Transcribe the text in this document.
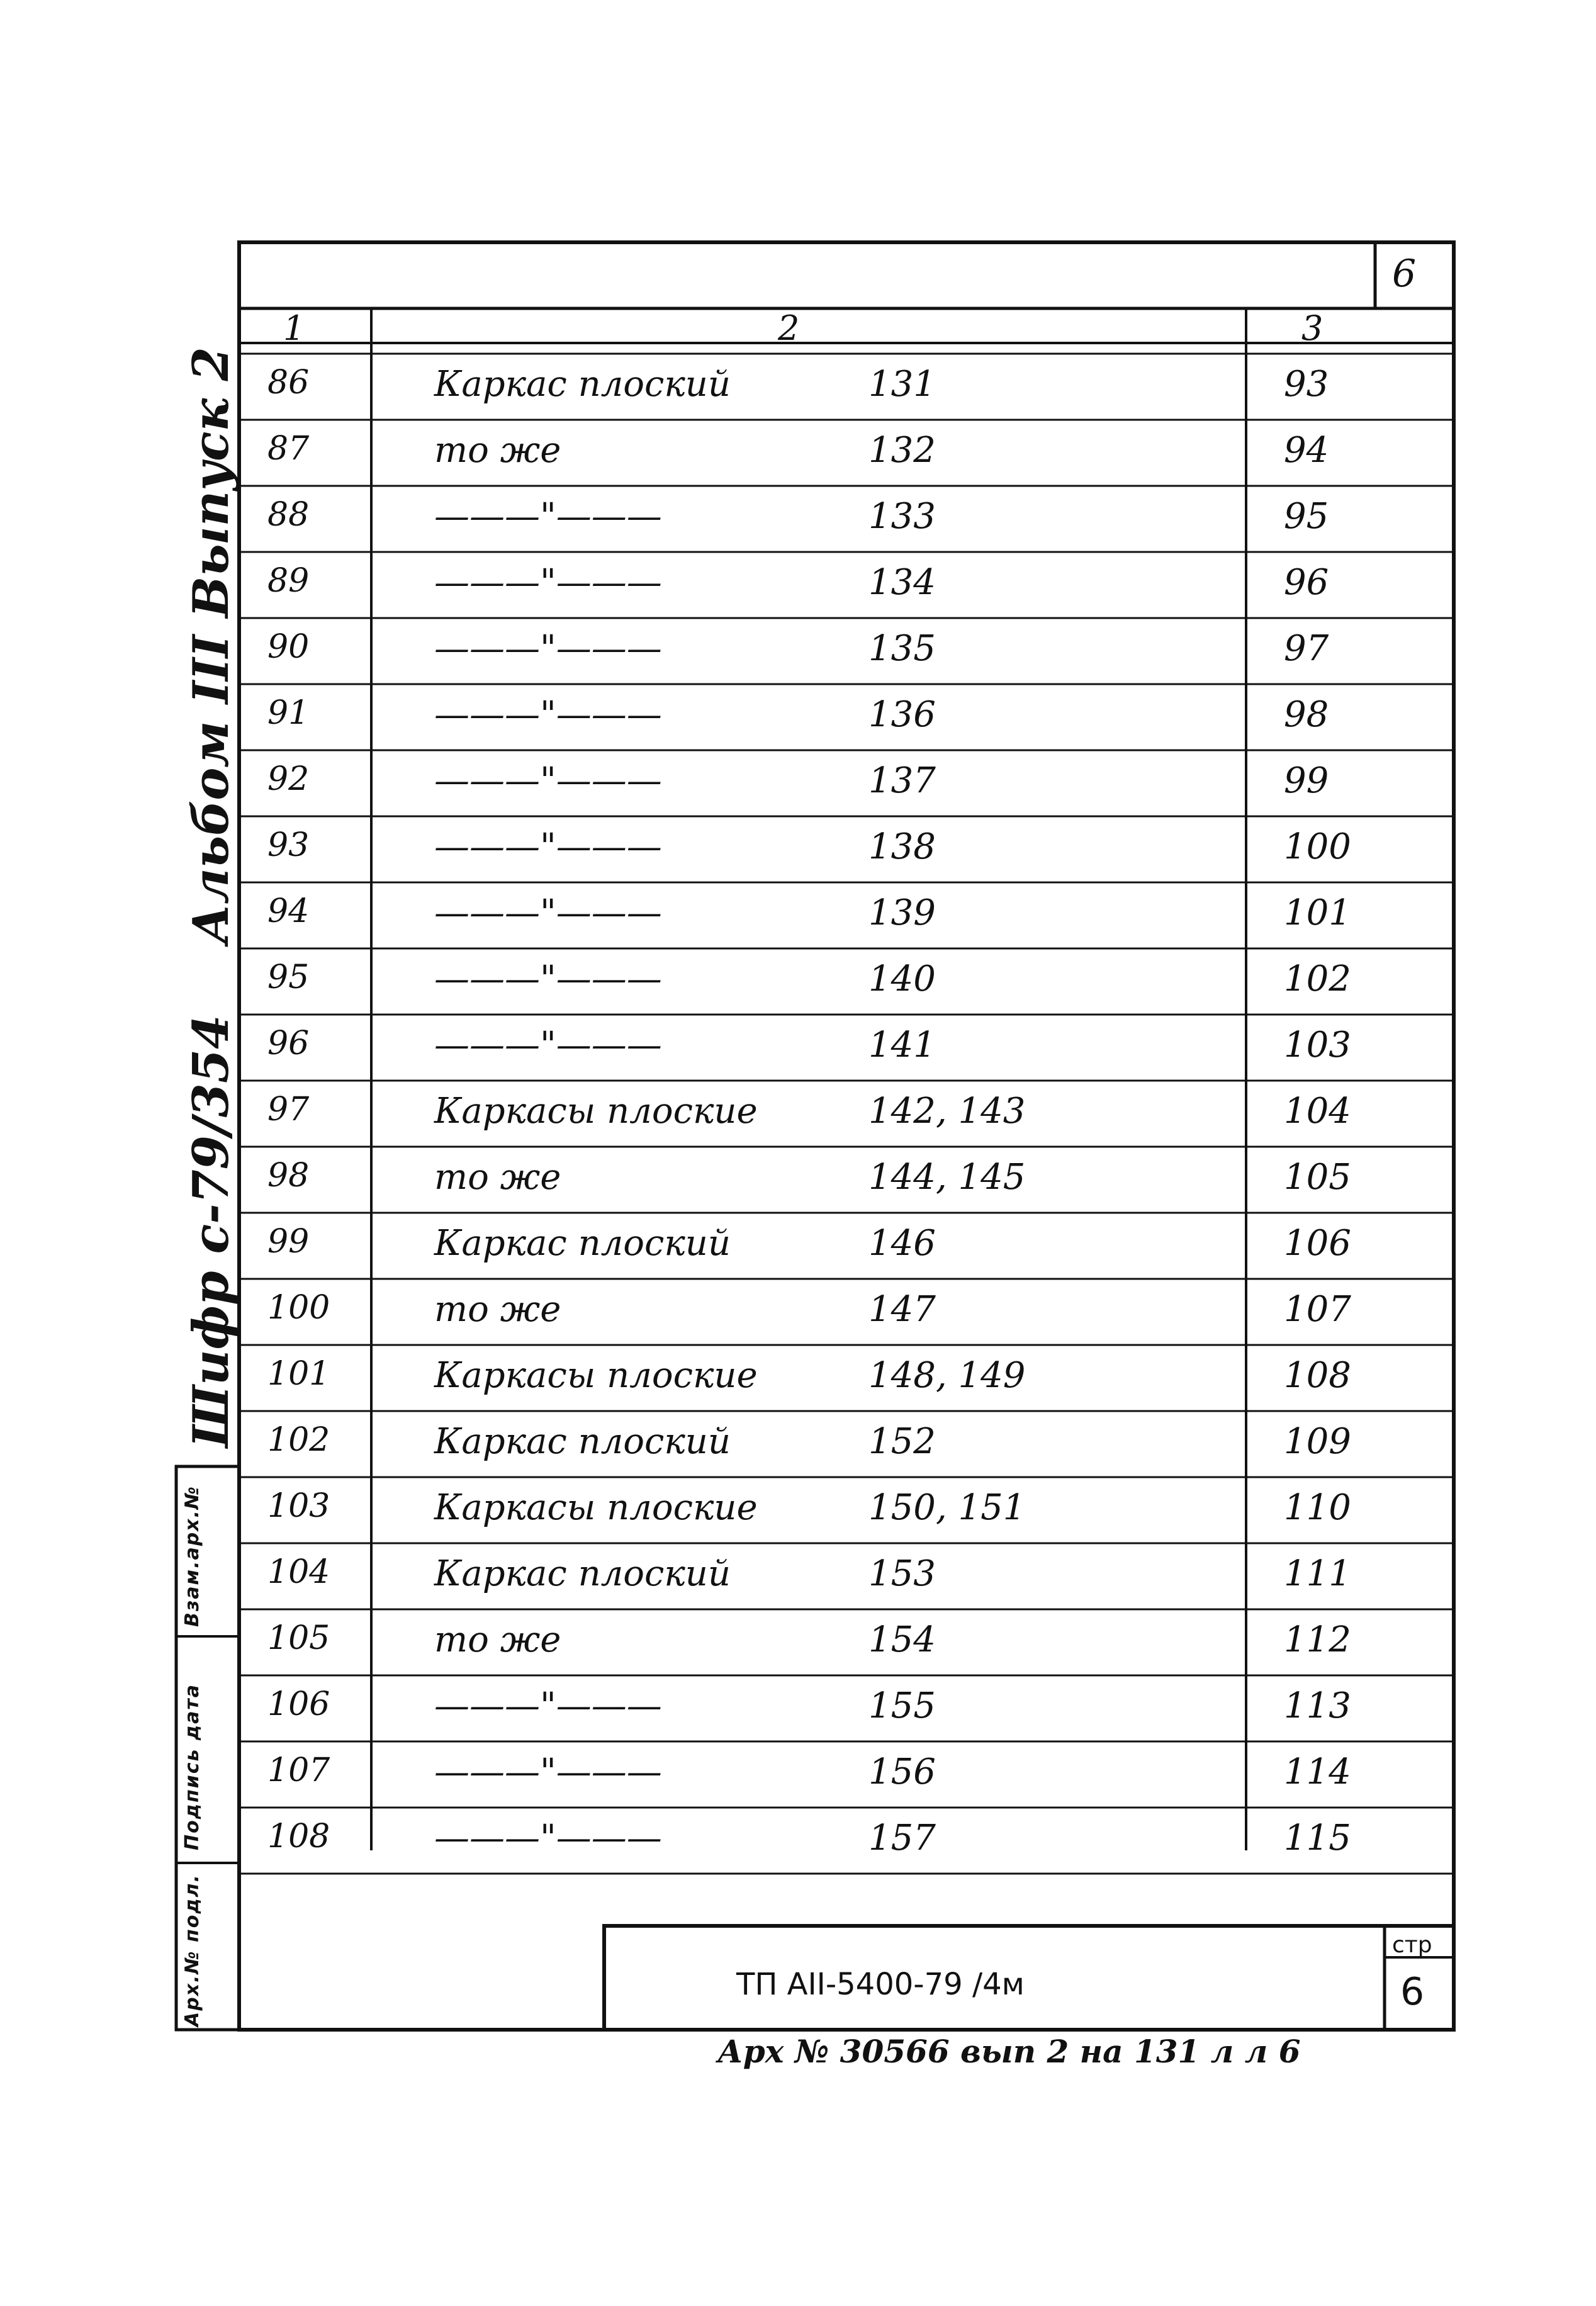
6
1	2	3
86	Каркас плоский	131	93
87	то же	132	94
88	———"———	133	95
89	———"———	134	96
90	———"———	135	97
91	———"———	136	98
92	———"———	137	99
93	———"———	138	100
94	———"———	139	101
95	———"———	140	102
96	———"———	141	103
97	Каркасы плоские	142, 143	104
98	то же	144, 145	105
99	Каркас плоский	146	106
100	то же	147	107
101	Каркасы плоские	148, 149	108
102	Каркас плоский	152	109
103	Каркасы плоские	150, 151	110
104	Каркас плоский	153	111
105	то же	154	112
106	———"———	155	113
107	———"———	156	114
108	———"———	157	115
Альбом III Выпуск 2
Шифр с-79/354
Взам.арх.№
Подпись дата
Арх.№ подл.	ТП АII-5400-79 /4м
стр
6
Арх № 30566 вып 2 на 131 л л 6
